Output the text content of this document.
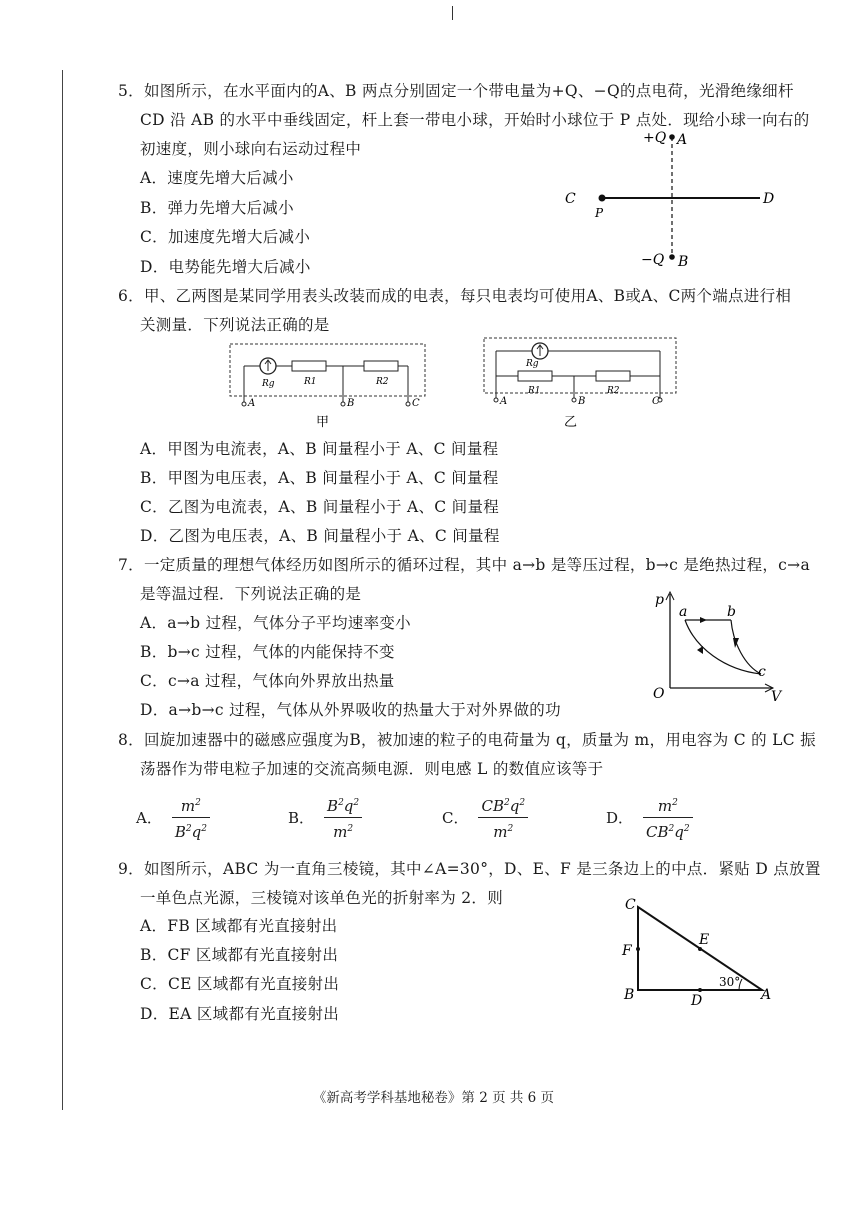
5．如图所示，在水平面内的A、B 两点分别固定一个带电量为+Q、−Q的点电荷，光滑绝缘细杆
CD 沿 AB 的水平中垂线固定，杆上套一带电小球，开始时小球位于 P 点处．现给小球一向右的
初速度，则小球向右运动过程中
A．速度先增大后减小
B．弹力先增大后减小
C．加速度先增大后减小
D．电势能先增大后减小
+Q A
C
P
D
−Q B
6．甲、乙两图是某同学用表头改装而成的电表，每只电表均可使用A、B或A、C两个端点进行相
关测量．下列说法正确的是
Rg	R1	R2
A	B	C
甲
Rg
R1	R2
A	B	C
乙
A．甲图为电流表，A、B 间量程小于 A、C 间量程
B．甲图为电压表，A、B 间量程小于 A、C 间量程
C．乙图为电流表，A、B 间量程小于 A、C 间量程
D．乙图为电压表，A、B 间量程小于 A、C 间量程
7．一定质量的理想气体经历如图所示的循环过程，其中 a→b 是等压过程，b→c 是绝热过程，c→a
是等温过程．下列说法正确的是
A．a→b 过程，气体分子平均速率变小
B．b→c 过程，气体的内能保持不变
C．c→a 过程，气体向外界放出热量
D．a→b→c 过程，气体从外界吸收的热量大于对外界做的功
p
V
O
a	b
c
8．回旋加速器中的磁感应强度为B，被加速的粒子的电荷量为 q，质量为 m，用电容为 C 的 LC 振
荡器作为带电粒子加速的交流高频电源．则电感 L 的数值应该等于
A． $\frac{m^2}{B^2q^2}$	B． $\frac{B^2q^2}{m^2}$	C． $\frac{CB^2q^2}{m^2}$	D． $\frac{m^2}{CB^2q^2}$
9．如图所示，ABC 为一直角三棱镜，其中∠A=30°，D、E、F 是三条边上的中点．紧贴 D 点放置
一单色点光源，三棱镜对该单色光的折射率为 2．则
A．FB 区域都有光直接射出
B．CF 区域都有光直接射出
C．CE 区域都有光直接射出
D．EA 区域都有光直接射出
C
E
F
B	D	A
30°
《新高考学科基地秘卷》第 2 页 共 6 页
